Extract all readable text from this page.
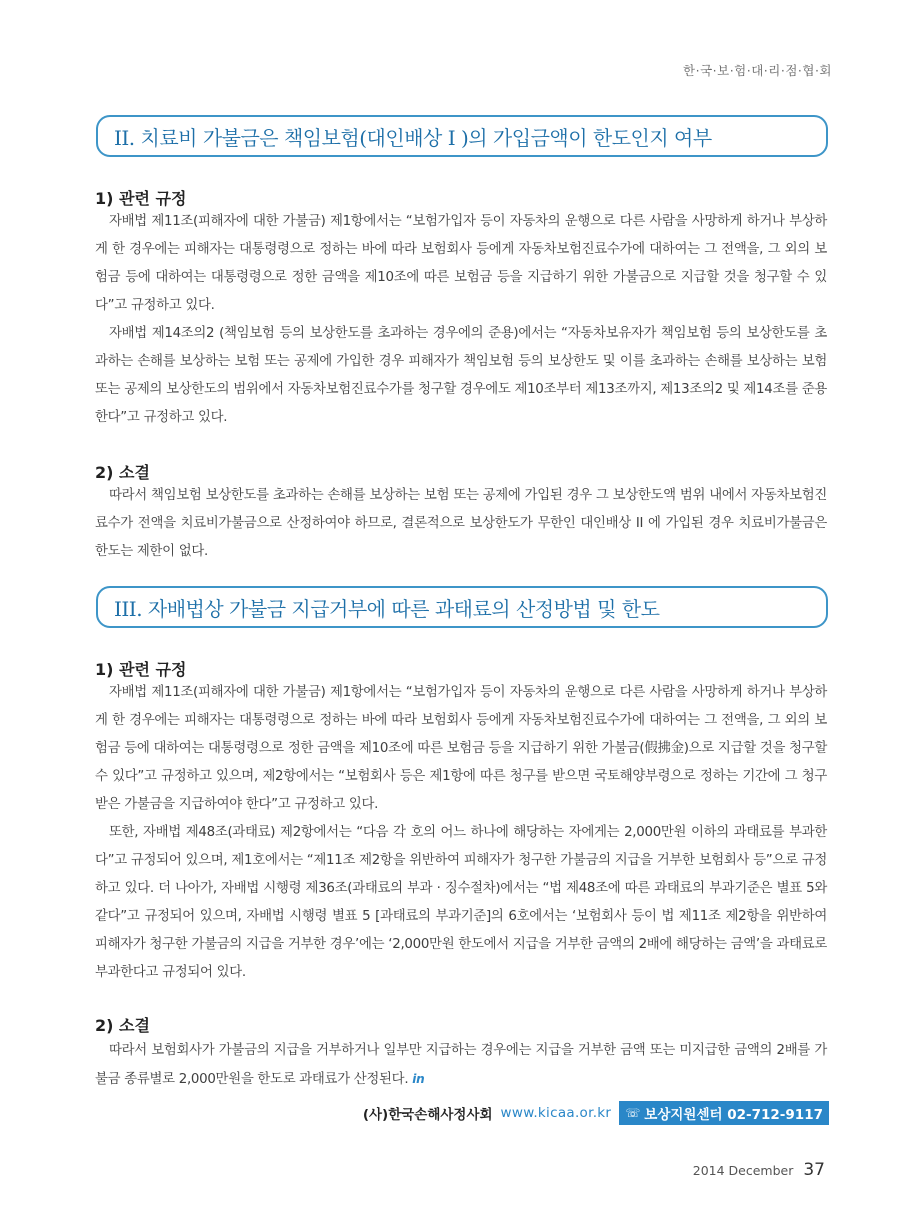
한·국·보·험·대·리·점·협·회
II. 치료비 가불금은 책임보험(대인배상 I )의 가입금액이 한도인지 여부
1) 관련 규정

자배법 제11조(피해자에 대한 가불금) 제1항에서는 “보험가입자 등이 자동차의 운행으로 다른 사람을 사망하게 하거나 부상하게 한 경우에는 피해자는 대통령령으로 정하는 바에 따라 보험회사 등에게 자동차보험진료수가에 대하여는 그 전액을, 그 외의 보험금 등에 대하여는 대통령령으로 정한 금액을 제10조에 따른 보험금 등을 지급하기 위한 가불금으로 지급할 것을 청구할 수 있다”고 규정하고 있다.

자배법 제14조의2 (책임보험 등의 보상한도를 초과하는 경우에의 준용)에서는 “자동차보유자가 책임보험 등의 보상한도를 초과하는 손해를 보상하는 보험 또는 공제에 가입한 경우 피해자가 책임보험 등의 보상한도 및 이를 초과하는 손해를 보상하는 보험 또는 공제의 보상한도의 범위에서 자동차보험진료수가를 청구할 경우에도 제10조부터 제13조까지, 제13조의2 및 제14조를 준용한다”고 규정하고 있다.

2) 소결

따라서 책임보험 보상한도를 초과하는 손해를 보상하는 보험 또는 공제에 가입된 경우 그 보상한도액 범위 내에서 자동차보험진료수가 전액을 치료비가불금으로 산정하여야 하므로, 결론적으로 보상한도가 무한인 대인배상 II 에 가입된 경우 치료비가불금은 한도는 제한이 없다.

III. 자배법상 가불금 지급거부에 따른 과태료의 산정방법 및 한도
1) 관련 규정

자배법 제11조(피해자에 대한 가불금) 제1항에서는 “보험가입자 등이 자동차의 운행으로 다른 사람을 사망하게 하거나 부상하게 한 경우에는 피해자는 대통령령으로 정하는 바에 따라 보험회사 등에게 자동차보험진료수가에 대하여는 그 전액을, 그 외의 보험금 등에 대하여는 대통령령으로 정한 금액을 제10조에 따른 보험금 등을 지급하기 위한 가불금(假拂金)으로 지급할 것을 청구할 수 있다”고 규정하고 있으며, 제2항에서는 “보험회사 등은 제1항에 따른 청구를 받으면 국토해양부령으로 정하는 기간에 그 청구 받은 가불금을 지급하여야 한다”고 규정하고 있다.

또한, 자배법 제48조(과태료) 제2항에서는 “다음 각 호의 어느 하나에 해당하는 자에게는 2,000만원 이하의 과태료를 부과한다”고 규정되어 있으며, 제1호에서는 “제11조 제2항을 위반하여 피해자가 청구한 가불금의 지급을 거부한 보험회사 등”으로 규정하고 있다. 더 나아가, 자배법 시행령 제36조(과태료의 부과 · 징수절차)에서는 “법 제48조에 따른 과태료의 부과기준은 별표 5와 같다”고 규정되어 있으며, 자배법 시행령 별표 5 [과태료의 부과기준]의 6호에서는 ‘보험회사 등이 법 제11조 제2항을 위반하여 피해자가 청구한 가불금의 지급을 거부한 경우’에는 ‘2,000만원 한도에서 지급을 거부한 금액의 2배에 해당하는 금액’을 과태료로 부과한다고 규정되어 있다.

2) 소결

따라서 보험회사가 가불금의 지급을 거부하거나 일부만 지급하는 경우에는 지급을 거부한 금액 또는 미지급한 금액의 2배를 가불금 종류별로 2,000만원을 한도로 과태료가 산정된다. in

(사)한국손해사정사회 www.kicaa.or.kr ☏ 보상지원센터 02-712-9117
2014 December 37
